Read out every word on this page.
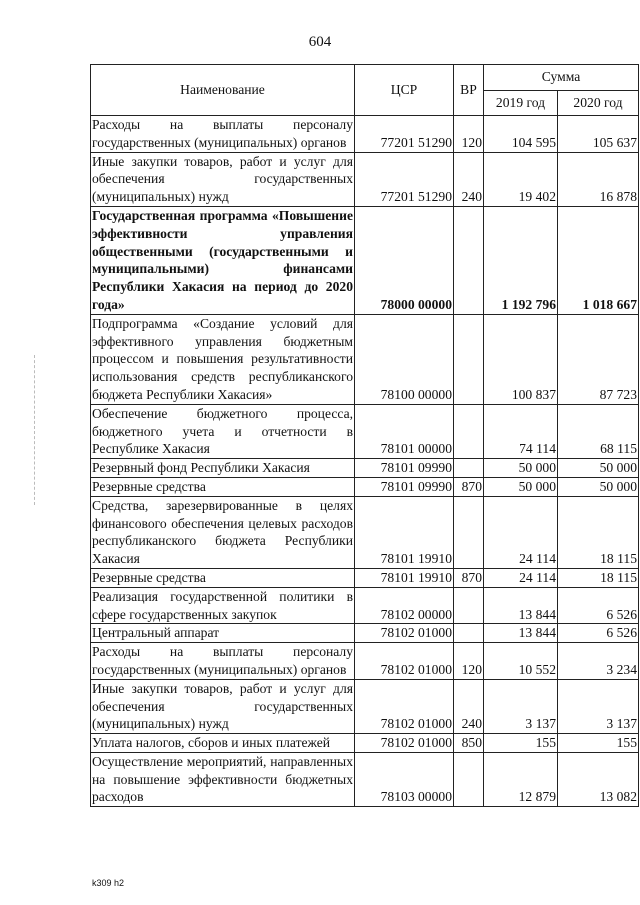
604
Наименование	ЦСР	ВР	Сумма	
			2019 год	2020 год
Расходы на выплаты персоналу государственных (муниципальных) органов	77201 51290	120	104 595	105 637
Иные закупки товаров, работ и услуг для обеспечения государственных (муниципальных) нужд	77201 51290	240	19 402	16 878
Государственная программа «Повышение эффективности управления общественными (государственными и муниципальными) финансами Республики Хакасия на период до 2020 года»	78000 00000		1 192 796	1 018 667
Подпрограмма «Создание условий для эффективного управления бюджетным процессом и повышения результативности использования средств республиканского бюджета Республики Хакасия»	78100 00000		100 837	87 723
Обеспечение бюджетного процесса, бюджетного учета и отчетности в Республике Хакасия	78101 00000		74 114	68 115
Резервный фонд Республики Хакасия	78101 09990		50 000	50 000
Резервные средства	78101 09990	870	50 000	50 000
Средства, зарезервированные в целях финансового обеспечения целевых расходов республиканского бюджета Республики Хакасия	78101 19910		24 114	18 115
Резервные средства	78101 19910	870	24 114	18 115
Реализация государственной политики в сфере государственных закупок	78102 00000		13 844	6 526
Центральный аппарат	78102 01000		13 844	6 526
Расходы на выплаты персоналу государственных (муниципальных) органов	78102 01000	120	10 552	3 234
Иные закупки товаров, работ и услуг для обеспечения государственных (муниципальных) нужд	78102 01000	240	3 137	3 137
Уплата налогов, сборов и иных платежей	78102 01000	850	155	155
Осуществление мероприятий, направленных на повышение эффективности бюджетных расходов	78103 00000		12 879	13 082
k309 h2
